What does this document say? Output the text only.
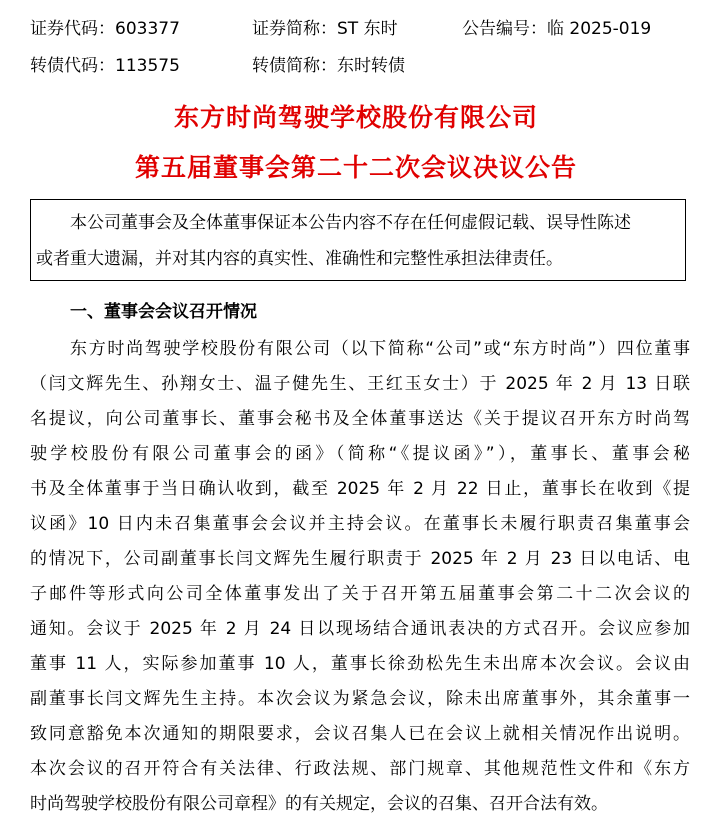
证券代码：603377	证券简称：ST 东时	公告编号：临 2025-019
转债代码：113575	转债简称：东时转债
东方时尚驾驶学校股份有限公司
第五届董事会第二十二次会议决议公告
本公司董事会及全体董事保证本公告内容不存在任何虚假记载、误导性陈述
或者重大遗漏，并对其内容的真实性、准确性和完整性承担法律责任。
一、董事会会议召开情况
东方时尚驾驶学校股份有限公司（以下简称“公司”或“东方时尚”）四位董事
（闫文辉先生、孙翔女士、温子健先生、王红玉女士）于 2025 年 2 月 13 日联
名提议，向公司董事长、董事会秘书及全体董事送达《关于提议召开东方时尚驾
驶学校股份有限公司董事会的函》（简称“《提议函》”），董事长、董事会秘
书及全体董事于当日确认收到，截至 2025 年 2 月 22 日止，董事长在收到《提
议函》10 日内未召集董事会会议并主持会议。在董事长未履行职责召集董事会
的情况下，公司副董事长闫文辉先生履行职责于 2025 年 2 月 23 日以电话、电
子邮件等形式向公司全体董事发出了关于召开第五届董事会第二十二次会议的
通知。会议于 2025 年 2 月 24 日以现场结合通讯表决的方式召开。会议应参加
董事 11 人，实际参加董事 10 人，董事长徐劲松先生未出席本次会议。会议由
副董事长闫文辉先生主持。本次会议为紧急会议，除未出席董事外，其余董事一
致同意豁免本次通知的期限要求，会议召集人已在会议上就相关情况作出说明。
本次会议的召开符合有关法律、行政法规、部门规章、其他规范性文件和《东方
时尚驾驶学校股份有限公司章程》的有关规定，会议的召集、召开合法有效。
